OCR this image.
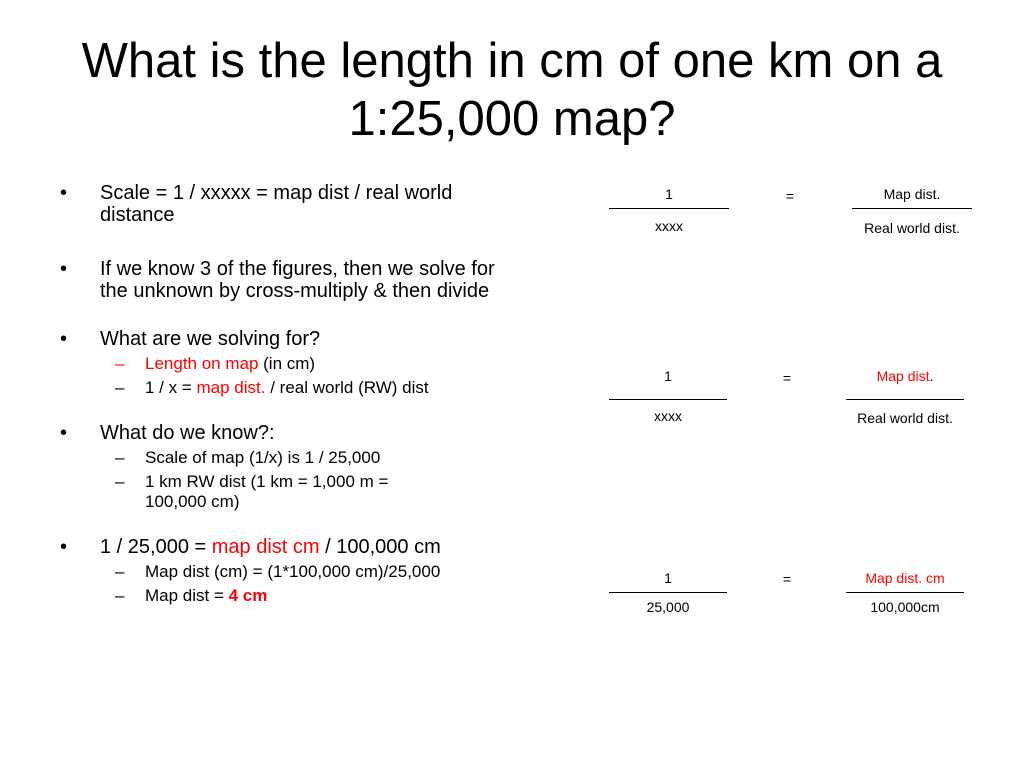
What is the length in cm of one km on a 1:25,000 map?
•	Scale = 1 / xxxxx = map dist / real world distance
•	If we know 3 of the figures, then we solve for the unknown by cross-multiply & then divide
•	What are we solving for?
–	Length on map (in cm)
–	1 / x = map dist. / real world (RW) dist
•	What do we know?:
–	Scale of map (1/x) is 1 / 25,000
–	1 km RW dist (1 km = 1,000 m = 100,000 cm)
•	1 / 25,000 = map dist cm / 100,000 cm
–	Map dist (cm) = (1*100,000 cm)/25,000
–	Map dist = 4 cm
1
xxxx
=	Map dist.
Real world dist.
1
xxxx
=	Map dist.
Real world dist.
1
25,000
=	Map dist. cm
100,000cm
